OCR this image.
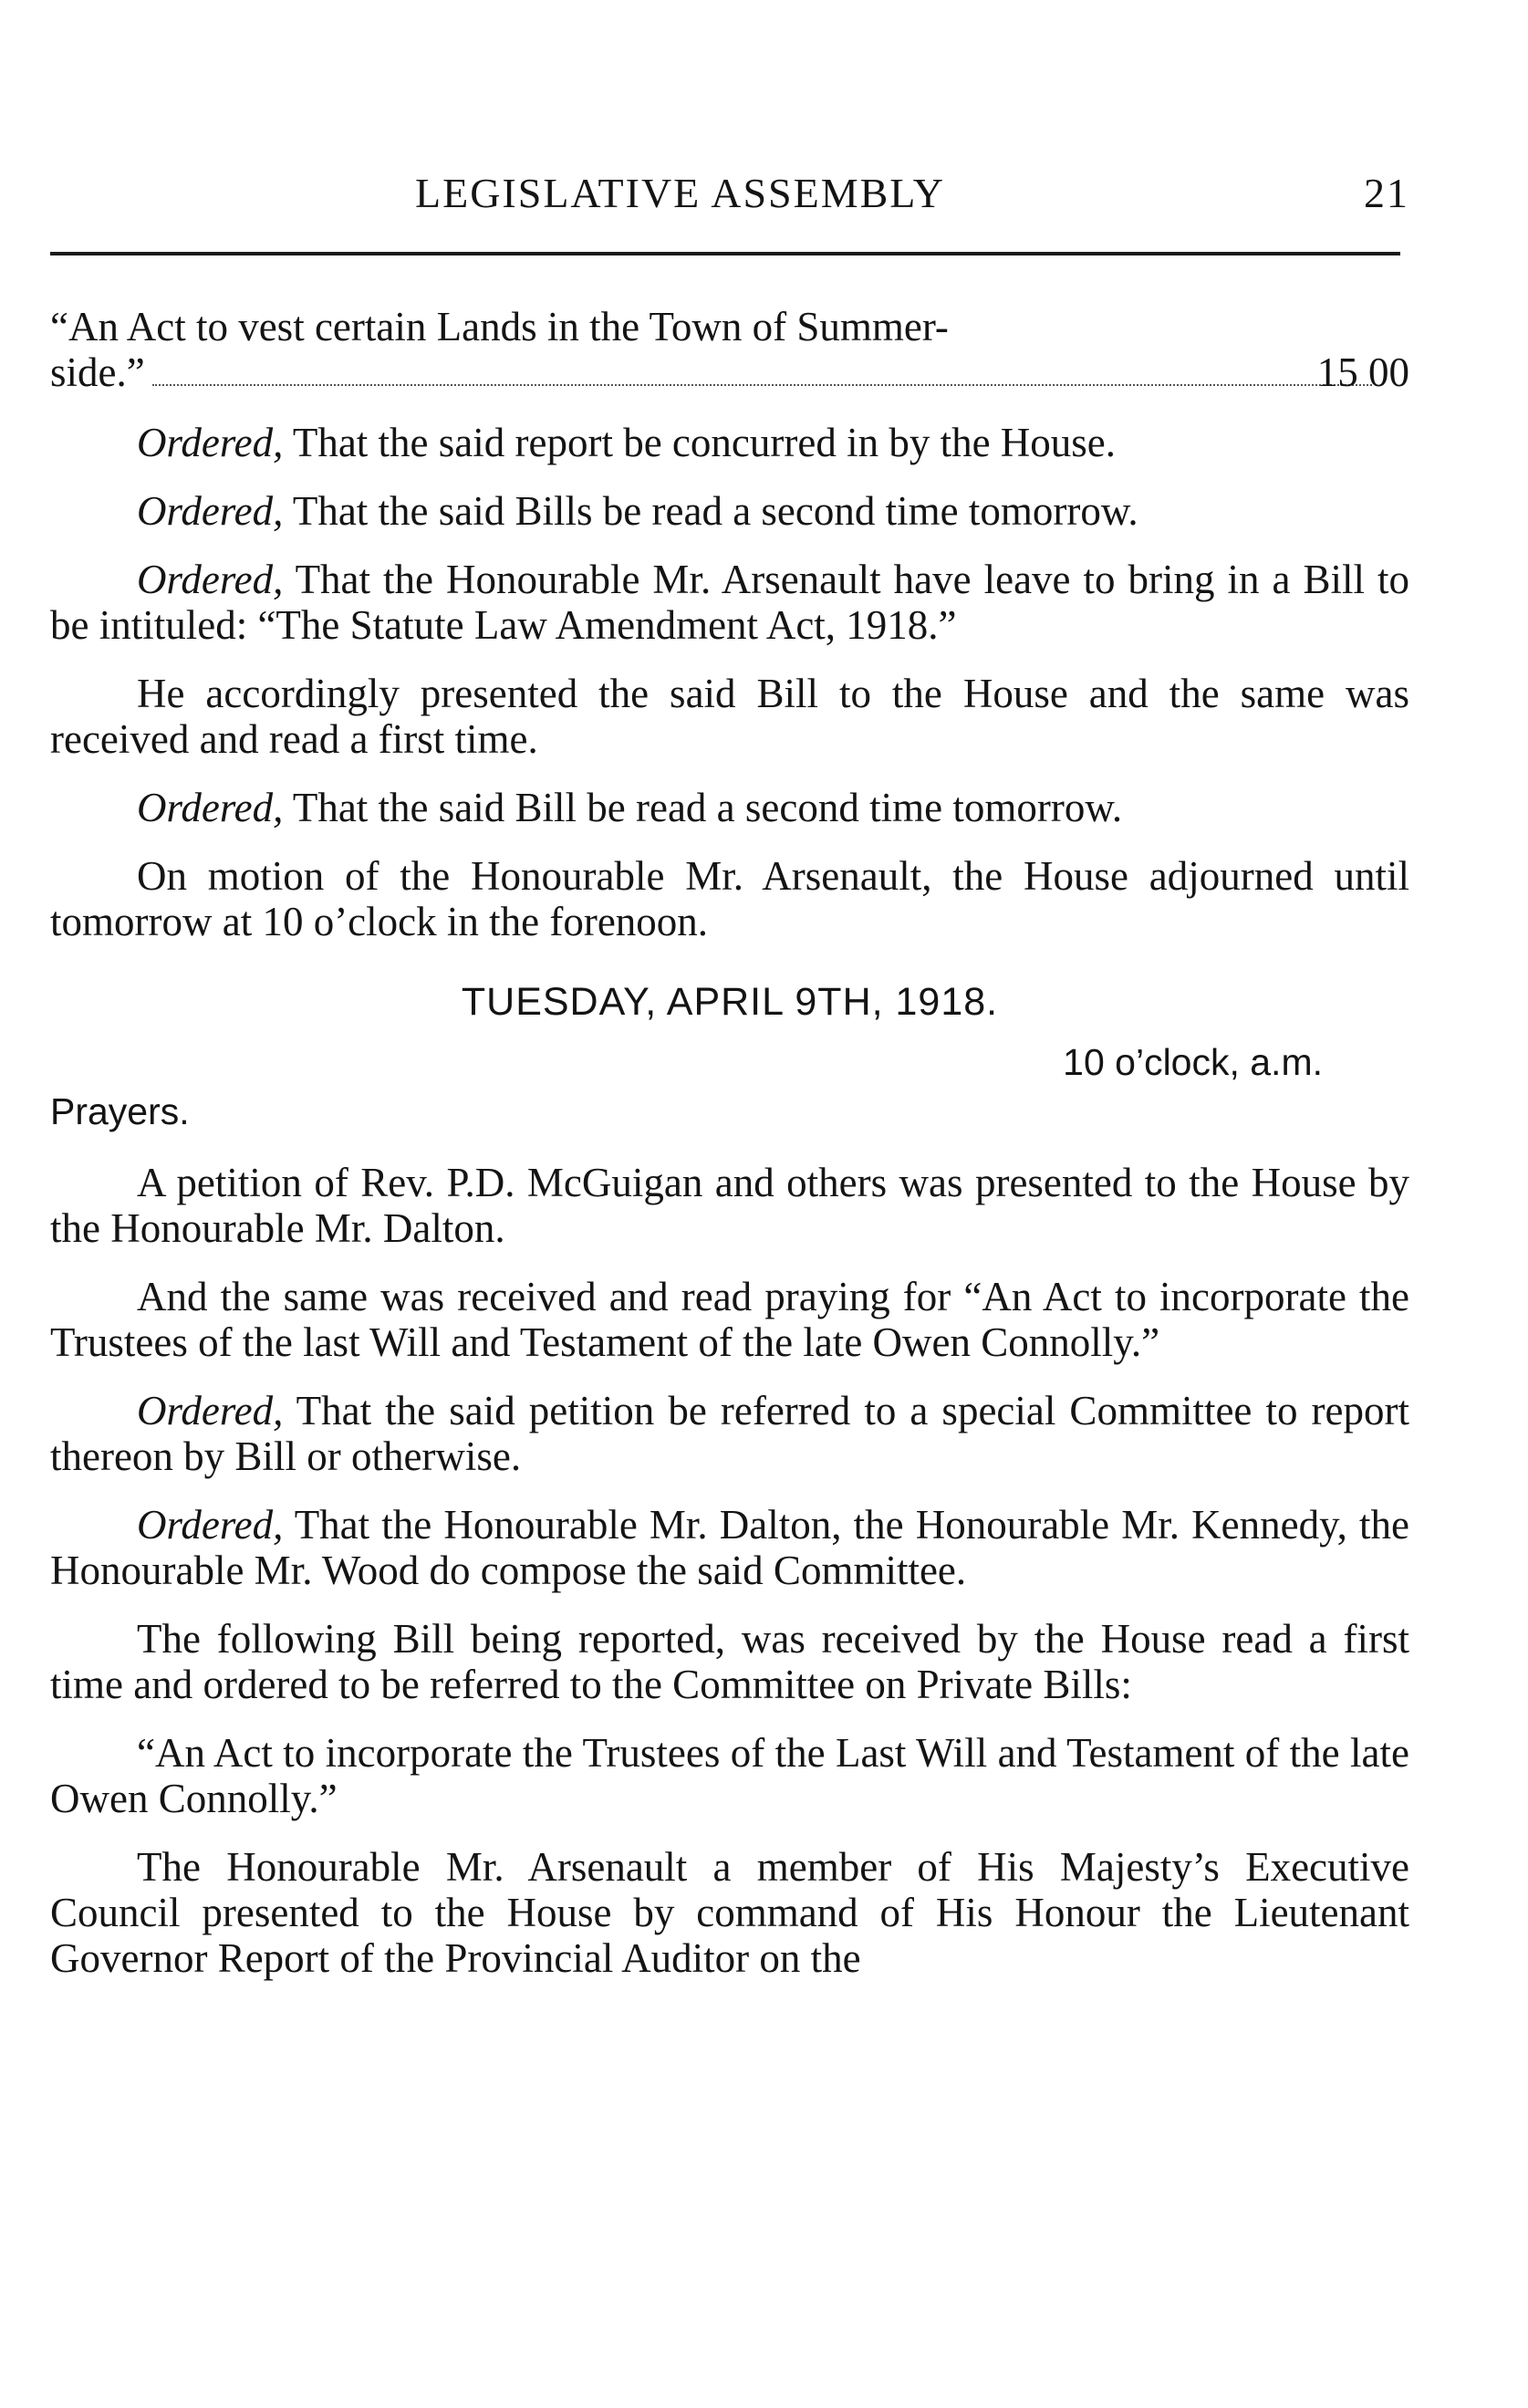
LEGISLATIVE ASSEMBLY	21
“An Act to vest certain Lands in the Town of Summer-
side.”	15 00

Ordered, That the said report be concurred in by the House.

Ordered, That the said Bills be read a second time tomorrow.

Ordered, That the Honourable Mr. Arsenault have leave to bring in a Bill to be intituled: “The Statute Law Amendment Act, 1918.”

He accordingly presented the said Bill to the House and the same was received and read a first time.

Ordered, That the said Bill be read a second time tomorrow.

On motion of the Honourable Mr. Arsenault, the House adjourned until tomorrow at 10 o’clock in the forenoon.

TUESDAY, APRIL 9TH, 1918.
10 o’clock, a.m.
Prayers.

A petition of Rev. P.D. McGuigan and others was presented to the House by the Honourable Mr. Dalton.

And the same was received and read praying for “An Act to incorporate the Trustees of the last Will and Testament of the late Owen Connolly.”

Ordered, That the said petition be referred to a special Committee to report thereon by Bill or otherwise.

Ordered, That the Honourable Mr. Dalton, the Honourable Mr. Kennedy, the Honourable Mr. Wood do compose the said Committee.

The following Bill being reported, was received by the House read a first time and ordered to be referred to the Committee on Private Bills:

“An Act to incorporate the Trustees of the Last Will and Testament of the late Owen Connolly.”

The Honourable Mr. Arsenault a member of His Majesty’s Executive Council presented to the House by command of His Honour the Lieutenant Governor Report of the Provincial Auditor on the
